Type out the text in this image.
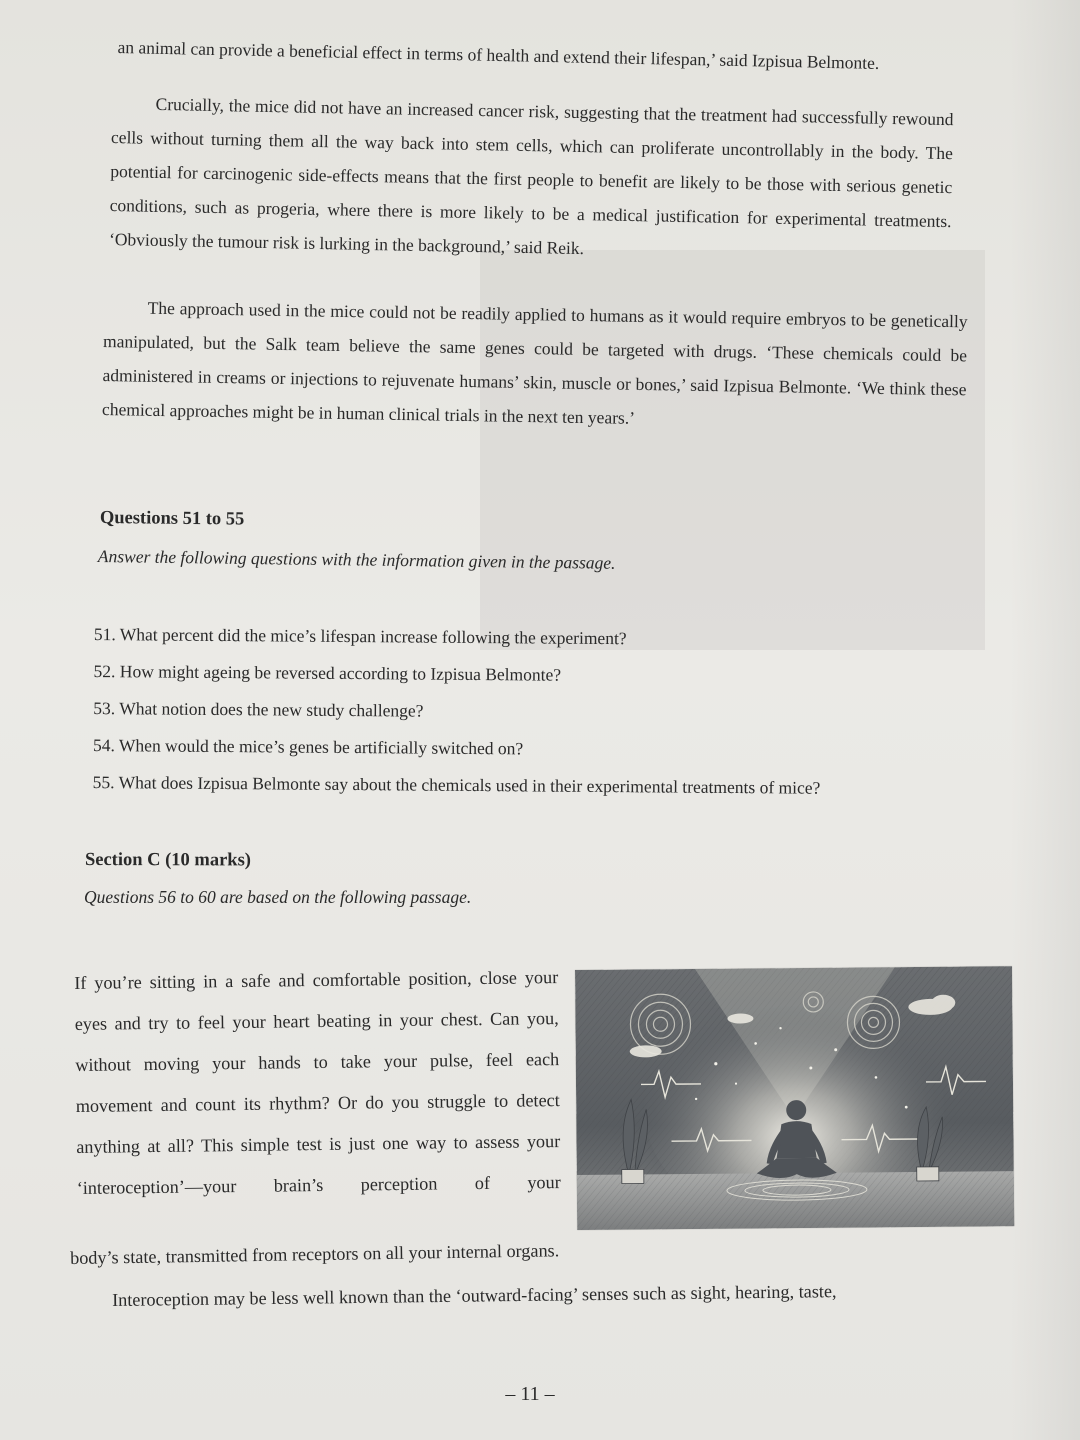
an animal can provide a beneficial effect in terms of health and extend their lifespan,’ said Izpisua Belmonte.

Crucially, the mice did not have an increased cancer risk, suggesting that the treatment had successfully rewound cells without turning them all the way back into stem cells, which can proliferate uncontrollably in the body. The potential for carcinogenic side-effects means that the first people to benefit are likely to be those with serious genetic conditions, such as progeria, where there is more likely to be a medical justification for experimental treatments. ‘Obviously the tumour risk is lurking in the background,’ said Reik.

The approach used in the mice could not be readily applied to humans as it would require embryos to be genetically manipulated, but the Salk team believe the same genes could be targeted with drugs. ‘These chemicals could be administered in creams or injections to rejuvenate humans’ skin, muscle or bones,’ said Izpisua Belmonte. ‘We think these chemical approaches might be in human clinical trials in the next ten years.’

Questions 51 to 55

Answer the following questions with the information given in the passage.

51. What percent did the mice’s lifespan increase following the experiment?
52. How might ageing be reversed according to Izpisua Belmonte?
53. What notion does the new study challenge?
54. When would the mice’s genes be artificially switched on?
55. What does Izpisua Belmonte say about the chemicals used in their experimental treatments of mice?
Section C (10 marks)

Questions 56 to 60 are based on the following passage.

If you’re sitting in a safe and comfortable position, close your eyes and try to feel your heart beating in your chest. Can you, without moving your hands to take your pulse, feel each movement and count its rhythm? Or do you struggle to detect anything at all? This simple test is just one way to assess your ‘interoception’—your brain’s perception of your

body’s state, transmitted from receptors on all your internal organs.

Interoception may be less well known than the ‘outward-facing’ senses such as sight, hearing, taste,

– 11 –
